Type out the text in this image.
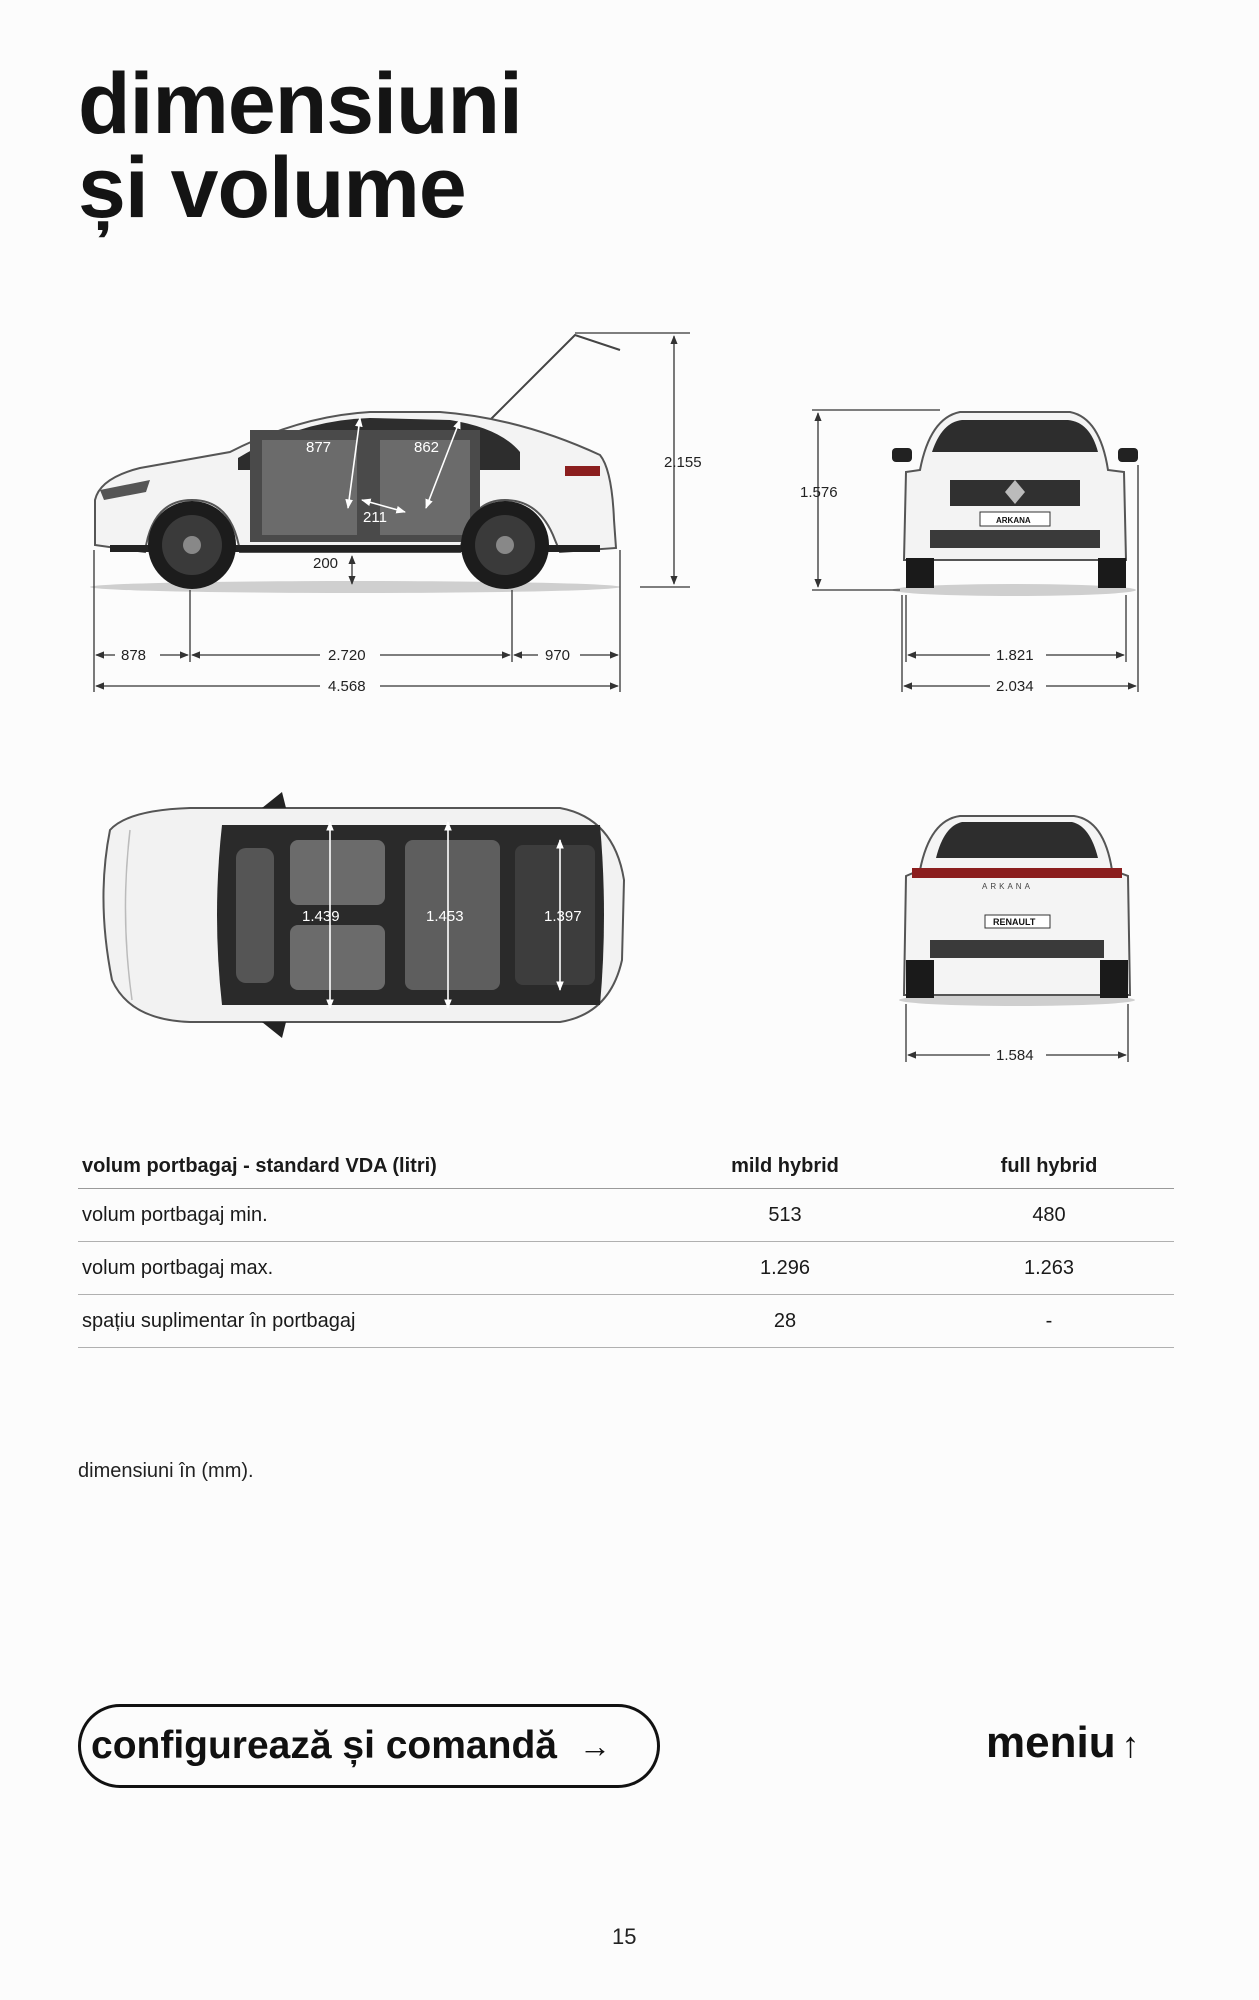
dimensiuni
și volume
877	862
211
200
2.155
878	2.720	970
4.568
ARKANA
1.576
1.821
2.034
1.439	1.453	1.397
ARKANA
RENAULT
1.584
volum portbagaj - standard VDA (litri)	mild hybrid	full hybrid
volum portbagaj min.	513	480
volum portbagaj max.	1.296	1.263
spațiu suplimentar în portbagaj	28	-
dimensiuni în (mm).
configurează și comandă →	meniu ↑
15
